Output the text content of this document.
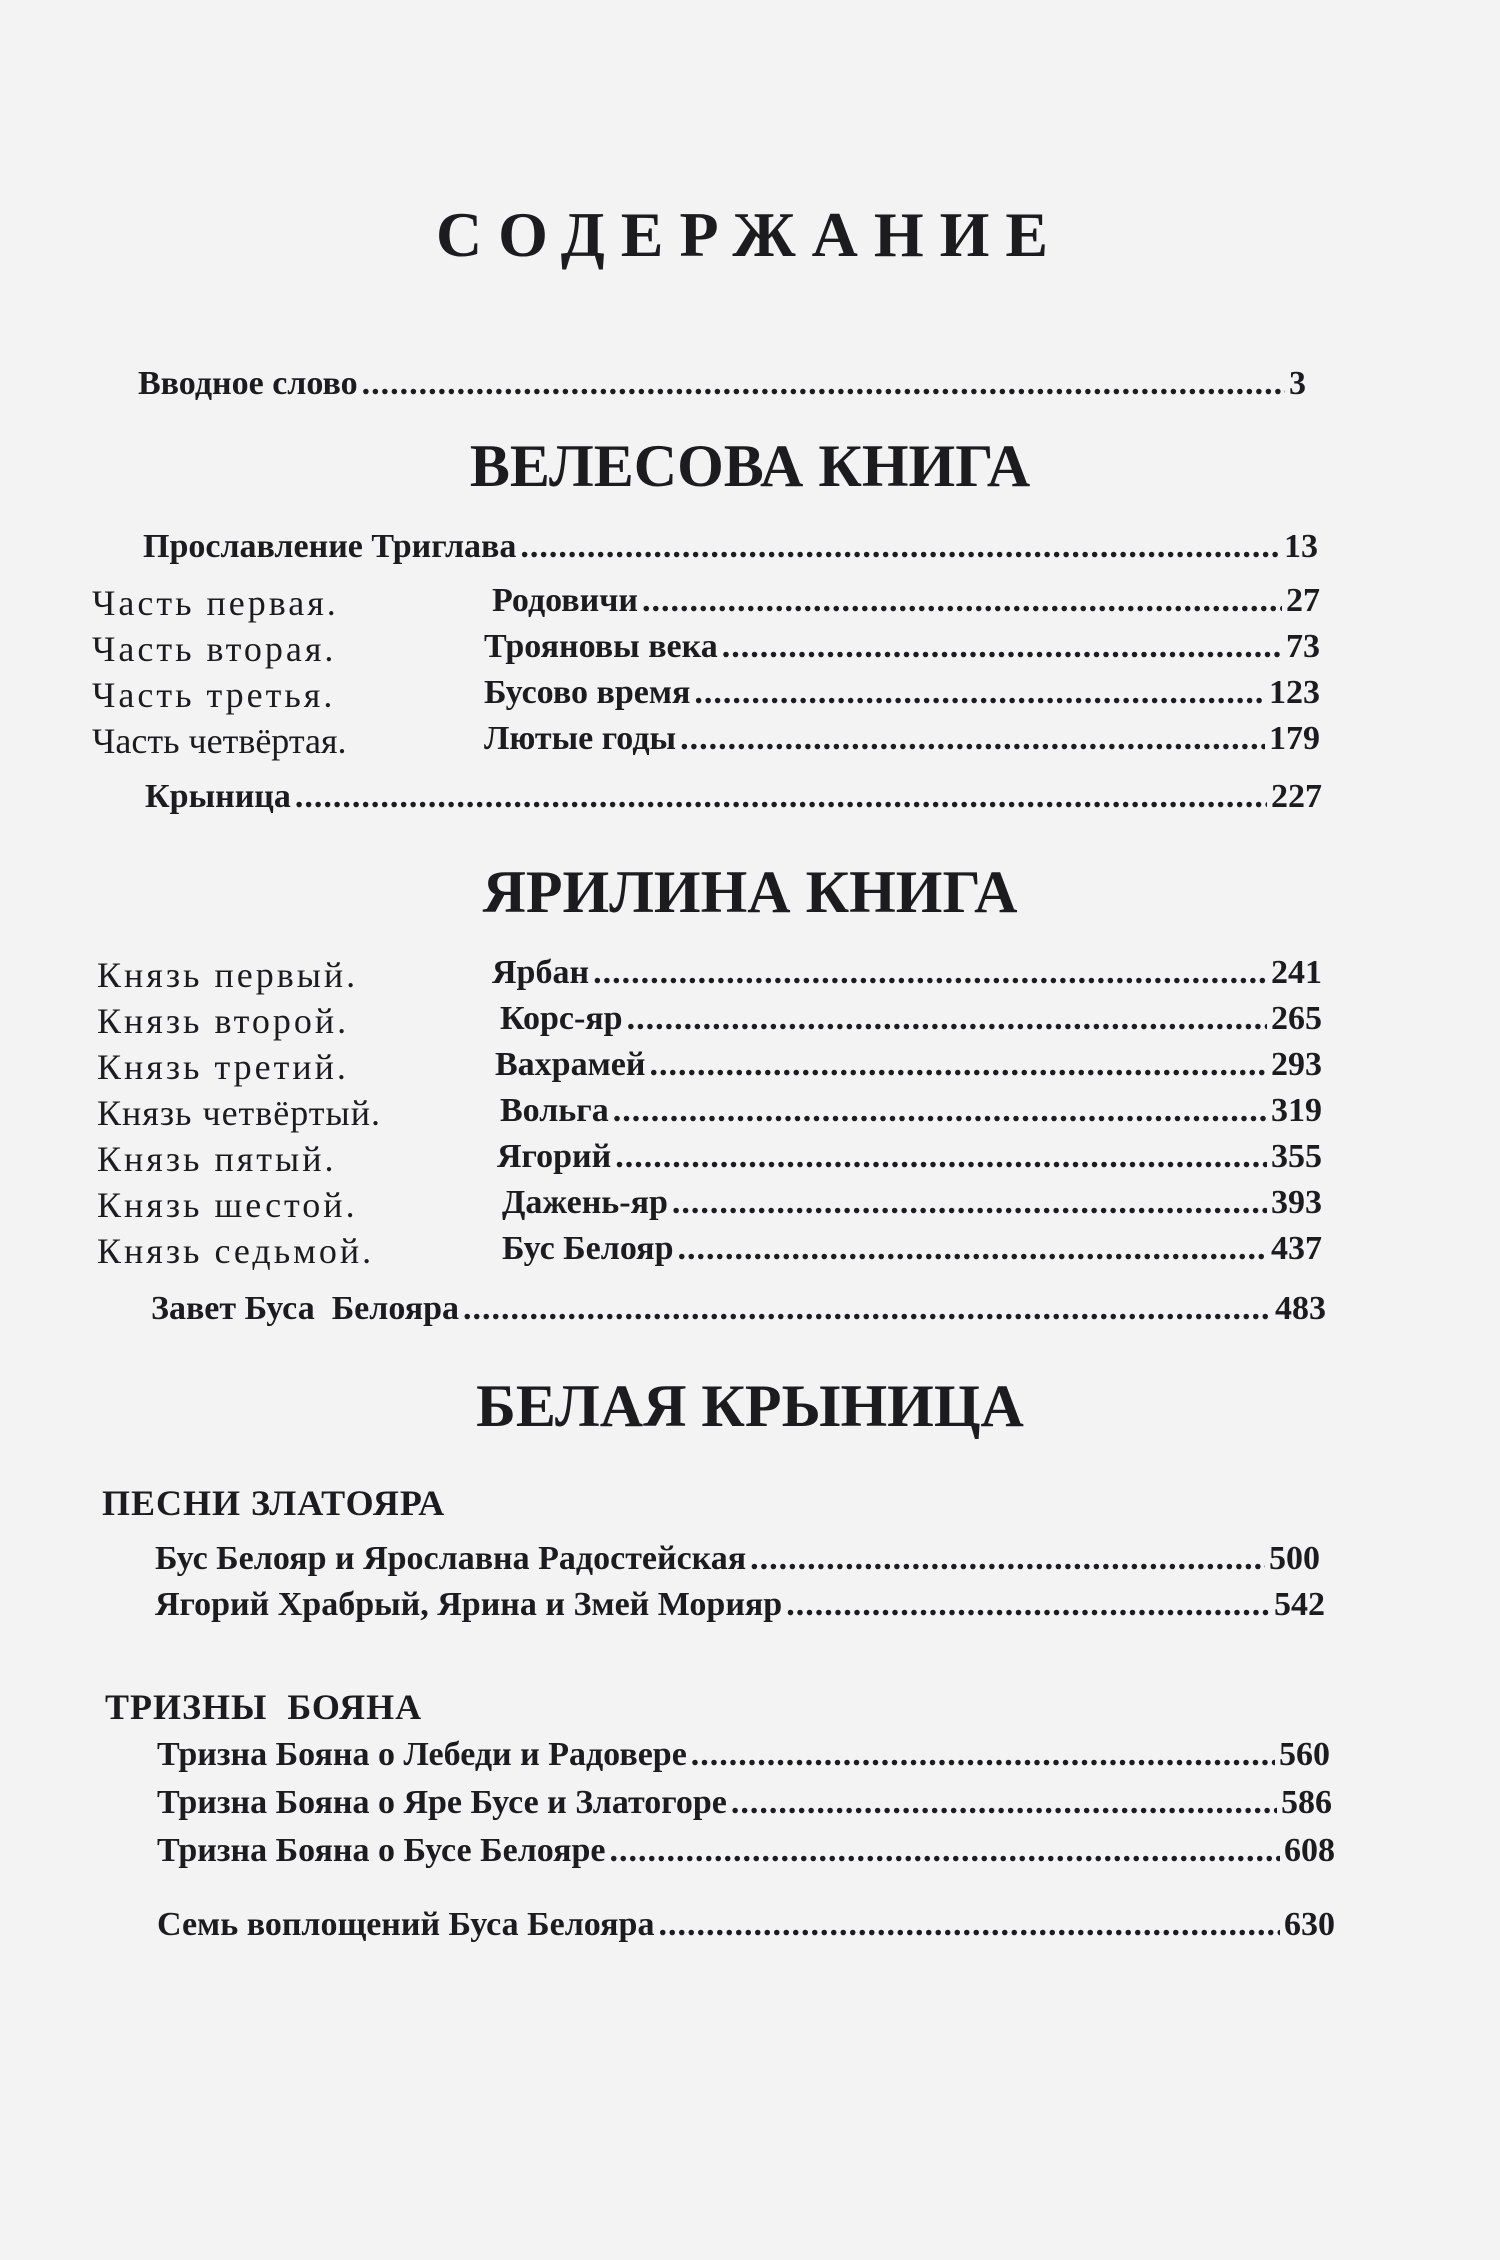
СОДЕРЖАНИЕ
Вводное слово .....	3
ВЕЛЕСОВА КНИГА
Прославление Триглава .....	13
Часть первая.	Родовичи .....	27
Часть вторая.	Трояновы века .....	73
Часть третья.	Бусово время .....	123
Часть четвёртая.	Лютые годы .....	179
Крыница .....	227
ЯРИЛИНА КНИГА
Князь первый.	Ярбан .....	241
Князь второй.	Корс-яр .....	265
Князь третий.	Вахрамей .....	293
Князь четвёртый.	Вольга .....	319
Князь пятый.	Ягорий .....	355
Князь шестой.	Дажень-яр .....	393
Князь седьмой.	Бус Белояр .....	437
Завет Буса  Белояра .....	483
БЕЛАЯ КРЫНИЦА
ПЕСНИ ЗЛАТОЯРА
Бус Белояр и Ярославна Радостейская .....	500
Ягорий Храбрый, Ярина и Змей Морияр .....	542
ТРИЗНЫ  БОЯНА
Тризна Бояна о Лебеди и Радовере .....	560
Тризна Бояна о Яре Бусе и Златогоре .....	586
Тризна Бояна о Бусе Белояре .....	608
Семь воплощений Буса Белояра .....	630
